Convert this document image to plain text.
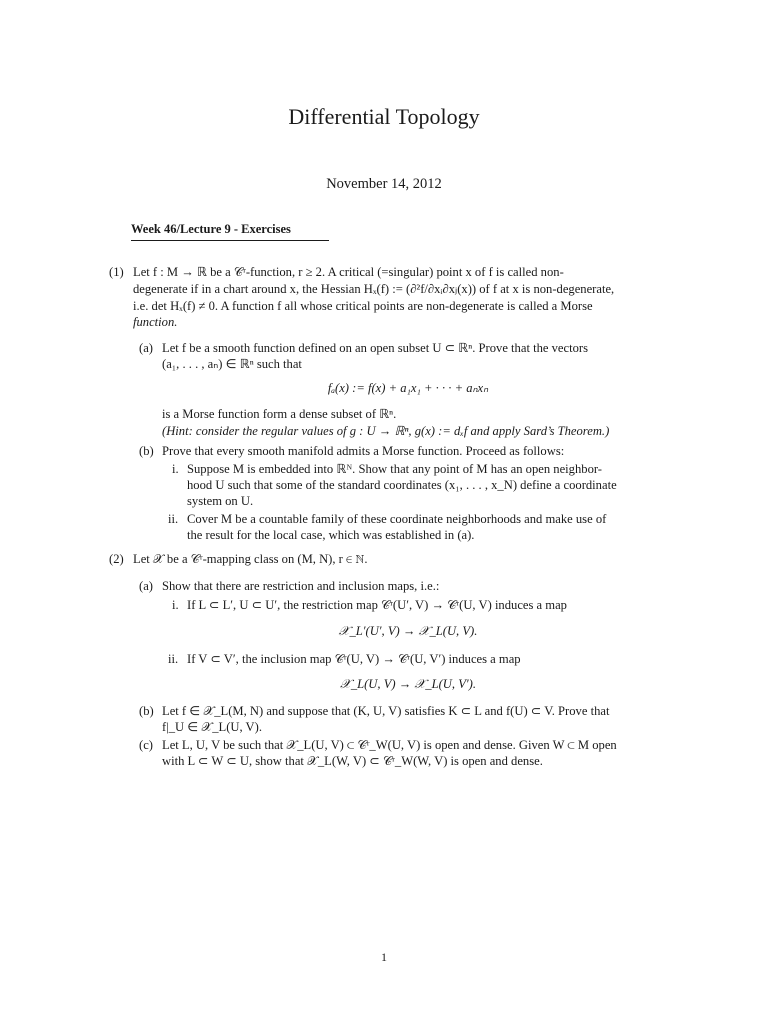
Differential Topology
November 14, 2012
Week 46/Lecture 9 - Exercises
(1) Let f : M → ℝ be a 𝒞ʳ-function, r ≥ 2. A critical (=singular) point x of f is called non-
degenerate if in a chart around x, the Hessian Hₓ(f) := (∂²f/∂xᵢ∂xⱼ(x)) of f at x is non-degenerate,
i.e. det Hₓ(f) ≠ 0. A function f all whose critical points are non-degenerate is called a Morse
function.
(a) Let f be a smooth function defined on an open subset U ⊂ ℝⁿ. Prove that the vectors
(a₁, . . . , aₙ) ∈ ℝⁿ such that
fₐ(x) := f(x) + a₁x₁ + · · · + aₙxₙ
is a Morse function form a dense subset of ℝⁿ.
(Hint: consider the regular values of g : U → ℝⁿ, g(x) := dₓf and apply Sard’s Theorem.)
(b) Prove that every smooth manifold admits a Morse function. Proceed as follows:
i. Suppose M is embedded into ℝᴺ. Show that any point of M has an open neighbor-
hood U such that some of the standard coordinates (x₁, . . . , x_N) define a coordinate
system on U.
ii. Cover M be a countable family of these coordinate neighborhoods and make use of
the result for the local case, which was established in (a).
(2) Let 𝒳 be a 𝒞ʳ-mapping class on (M, N), r ∈ ℕ.
(a) Show that there are restriction and inclusion maps, i.e.:
i. If L ⊂ L′, U ⊂ U′, the restriction map 𝒞ʳ(U′, V) → 𝒞ʳ(U, V) induces a map
𝒳_L′(U′, V) → 𝒳_L(U, V).
ii. If V ⊂ V′, the inclusion map 𝒞ʳ(U, V) → 𝒞ʳ(U, V′) induces a map
𝒳_L(U, V) → 𝒳_L(U, V′).
(b) Let f ∈ 𝒳_L(M, N) and suppose that (K, U, V) satisfies K ⊂ L and f(U) ⊂ V. Prove that
f|_U ∈ 𝒳_L(U, V).
(c) Let L, U, V be such that 𝒳_L(U, V) ⊂ 𝒞ʳ_W(U, V) is open and dense. Given W ⊂ M open
with L ⊂ W ⊂ U, show that 𝒳_L(W, V) ⊂ 𝒞ʳ_W(W, V) is open and dense.
1
